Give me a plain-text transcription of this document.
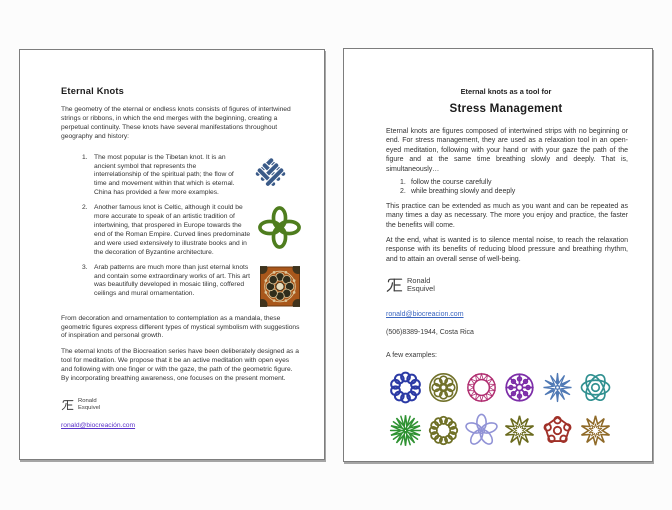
Eternal Knots

The geometry of the eternal or endless knots consists of figures of intertwined strings or ribbons, in which the end merges with the beginning, creating a perpetual continuity. These knots have several manifestations throughout geography and history:

1. The most popular is the Tibetan knot. It is an ancient symbol that represents the interrelationship of the spiritual path; the flow of time and movement within that which is eternal. China has provided a few more examples.
2. Another famous knot is Celtic, although it could be more accurate to speak of an artistic tradition of intertwining, that prospered in Europe towards the end of the Roman Empire. Curved lines predominate and were used extensively to illustrate books and in the decoration of Byzantine architecture.
3. Arab patterns are much more than just eternal knots and contain some extraordinary works of art. This art was beautifully developed in mosaic tiling, coffered ceilings and mural ornamentation.

From decoration and ornamentation to contemplation as a mandala, these geometric figures express different types of mystical symbolism with suggestions of inspiration and personal growth.

The eternal knots of the Biocreation series have been deliberately designed as a tool for meditation. We propose that it be an active meditation with open eyes and following with one finger or with the gaze, the path of the geometric figure. By incorporating breathing awareness, one focuses on the present moment.

Ronald
Esquivel
ronald@biocreación.com
Eternal knots as a tool for
Stress Management

Eternal knots are figures composed of intertwined strips with no beginning or end. For stress management, they are used as a relaxation tool in an open-eyed meditation, following with your hand or with your gaze the path of the figure and at the same time breathing slowly and deeply. That is, simultaneously…

1. follow the course carefully
2. while breathing slowly and deeply

This practice can be extended as much as you want and can be repeated as many times a day as necessary. The more you enjoy and practice, the faster the benefits will come.

At the end, what is wanted is to silence mental noise, to reach the relaxation response with its benefits of reducing blood pressure and breathing rhythm, and to attain an overall sense of well-being.

Ronald
Esquivel
ronald@biocreacion.com
(506)8389-1944, Costa Rica
A few examples:
